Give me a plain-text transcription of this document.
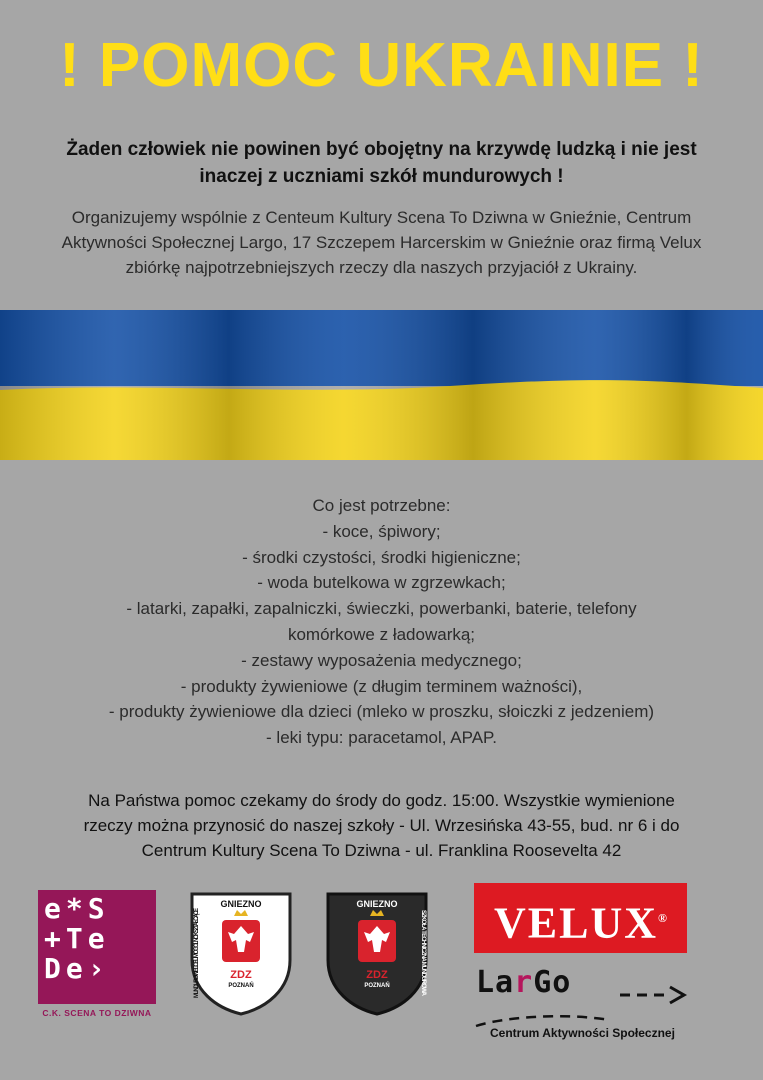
! POMOC UKRAINIE !
Żaden człowiek nie powinen być obojętny na krzywdę ludzką i nie jest
inaczej z uczniami szkół mundurowych !
Organizujemy wspólnie z Centeum Kultury Scena To Dziwna w Gnieźnie, Centrum
Aktywności Społecznej Largo, 17 Szczepem Harcerskim w Gnieźnie oraz firmą Velux
zbiórkę najpotrzebniejszych rzeczy dla naszych przyjaciół z Ukrainy.
Co jest potrzebne:
- koce, śpiwory;
- środki czystości, środki higieniczne;
- woda butelkowa w zgrzewkach;
- latarki, zapałki, zapalniczki, świeczki, powerbanki, baterie, telefony
komórkowe z ładowarką;
- zestawy wyposażenia medycznego;
- produkty żywieniowe (z długim terminem ważności),
- produkty żywieniowe dla dzieci (mleko w proszku, słoiczki z jedzeniem)
- leki typu: paracetamol, APAP.
Na Państwa pomoc czekamy do środy do godz. 15:00. Wszystkie wymienione
rzeczy można przynosić do naszej szkoły - Ul. Wrzesińska 43-55, bud. nr 6 i do
Centrum Kultury Scena To Dziwna - ul. Franklina Roosevelta 42
e*S
+Te
De›
C.K. SCENA TO DZIWNA
GNIEZNO
MUNDUROWE LICEUM OGÓLNOKSZTAŁCĄCE
ZDZ
POZNAŃ
GNIEZNO
SZKOŁA TECHNICZNA MUNDUROWA
ZDZ
POZNAŃ
VELUX®
LarGo
Centrum Aktywności Społecznej
